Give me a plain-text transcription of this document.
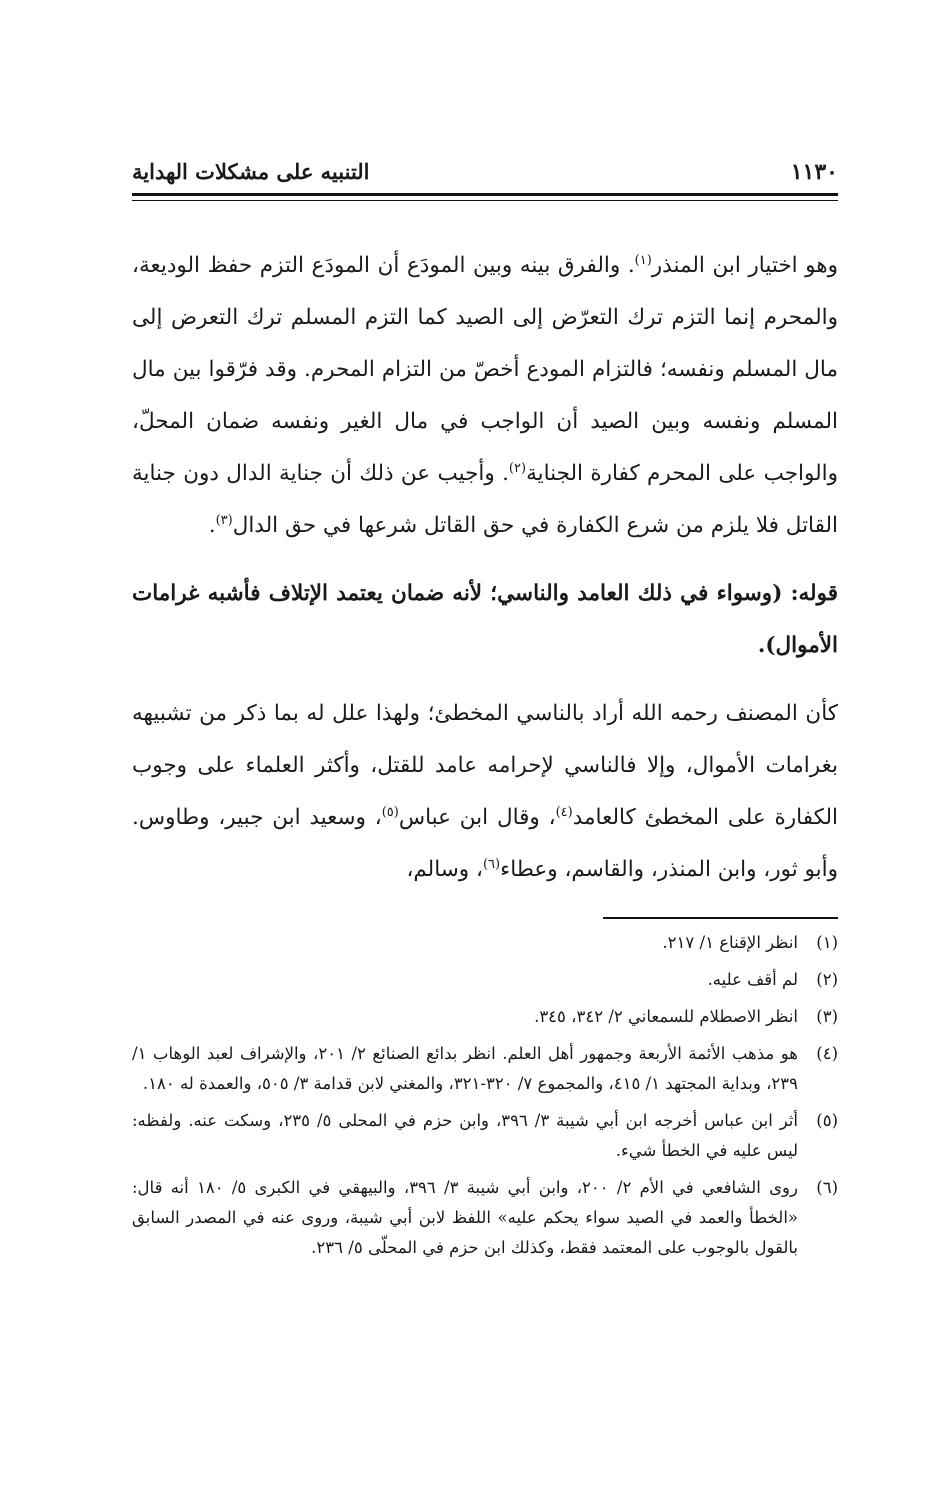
١١٣٠
التنبيه على مشكلات الهداية

وهو اختيار ابن المنذر$^{(١)}$. والفرق بينه وبين المودَع أن المودَع التزم حفظ الوديعة، والمحرم إنما التزم ترك التعرّض إلى الصيد كما التزم المسلم ترك التعرض إلى مال المسلم ونفسه؛ فالتزام المودع أخصّ من التزام المحرم. وقد فرّقوا بين مال المسلم ونفسه وبين الصيد أن الواجب في مال الغير ونفسه ضمان المحلّ، والواجب على المحرم كفارة الجناية$^{(٢)}$. وأجيب عن ذلك أن جناية الدال دون جناية القاتل فلا يلزم من شرع الكفارة في حق القاتل شرعها في حق الدال$^{(٣)}$.

قوله: (وسواء في ذلك العامد والناسي؛ لأنه ضمان يعتمد الإتلاف فأشبه غرامات الأموال).

كأن المصنف رحمه الله أراد بالناسي المخطئ؛ ولهذا علل له بما ذكر من تشبيهه بغرامات الأموال، وإلا فالناسي لإحرامه عامد للقتل، وأكثر العلماء على وجوب الكفارة على المخطئ كالعامد$^{(٤)}$، وقال ابن عباس$^{(٥)}$، وسعيد ابن جبير، وطاوس. وأبو ثور، وابن المنذر، والقاسم، وعطاء$^{(٦)}$، وسالم،

(١)
انظر الإقناع ١/ ٢١٧.
(٢)
لم أقف عليه.
(٣)
انظر الاصطلام للسمعاني ٢/ ٣٤٢، ٣٤٥.
(٤)
هو مذهب الأئمة الأربعة وجمهور أهل العلم. انظر بدائع الصنائع ٢/ ٢٠١، والإشراف لعبد الوهاب ١/ ٢٣٩، وبداية المجتهد ١/ ٤١٥، والمجموع ٧/ ٣٢٠-٣٢١، والمغني لابن قدامة ٣/ ٥٠٥، والعمدة له ١٨٠.
(٥)
أثر ابن عباس أخرجه ابن أبي شيبة ٣/ ٣٩٦، وابن حزم في المحلى ٥/ ٢٣٥، وسكت عنه. ولفظه: ليس عليه في الخطأ شيء.
(٦)
روى الشافعي في الأم ٢/ ٢٠٠، وابن أبي شيبة ٣/ ٣٩٦، والبيهقي في الكبرى ٥/ ١٨٠ أنه قال: «الخطأ والعمد في الصيد سواء يحكم عليه» اللفظ لابن أبي شيبة، وروى عنه في المصدر السابق بالقول بالوجوب على المعتمد فقط، وكذلك ابن حزم في المحلّى ٥/ ٢٣٦.
